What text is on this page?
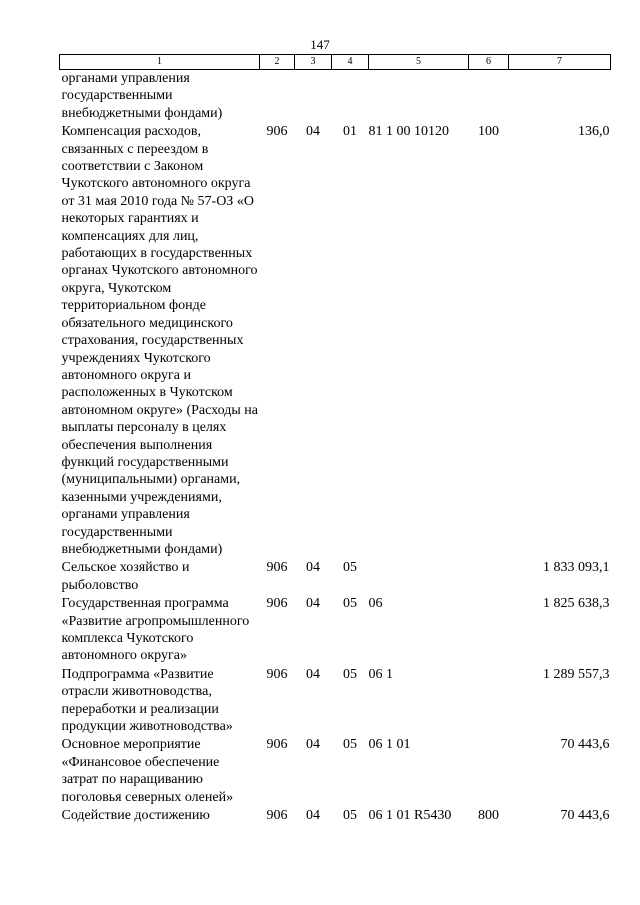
147
1	2	3	4	5	6	7
органами управления государственными внебюджетными фондами)						
Компенсация расходов, связанных с переездом в соответствии с Законом Чукотского автономного округа от 31 мая 2010 года № 57-ОЗ «О некоторых гарантиях и компенсациях для лиц, работающих в государственных органах Чукотского автономного округа, Чукотском территориальном фонде обязательного медицинского страхования, государственных учреждениях Чукотского автономного округа и расположенных в Чукотском автономном округе» (Расходы на выплаты персоналу в целях обеспечения выполнения функций государственными (муниципальными) органами, казенными учреждениями, органами управления государственными внебюджетными фондами)	906	04	01	81 1 00 10120	100	136,0
Сельское хозяйство и рыболовство	906	04	05			1 833 093,1
Государственная программа «Развитие агропромышленного комплекса Чукотского автономного округа»	906	04	05	06		1 825 638,3
Подпрограмма «Развитие отрасли животноводства, переработки и реализации продукции животноводства»	906	04	05	06 1		1 289 557,3
Основное мероприятие «Финансовое обеспечение затрат по наращиванию поголовья северных оленей»	906	04	05	06 1 01		70 443,6
Содействие достижению	906	04	05	06 1 01 R5430	800	70 443,6
